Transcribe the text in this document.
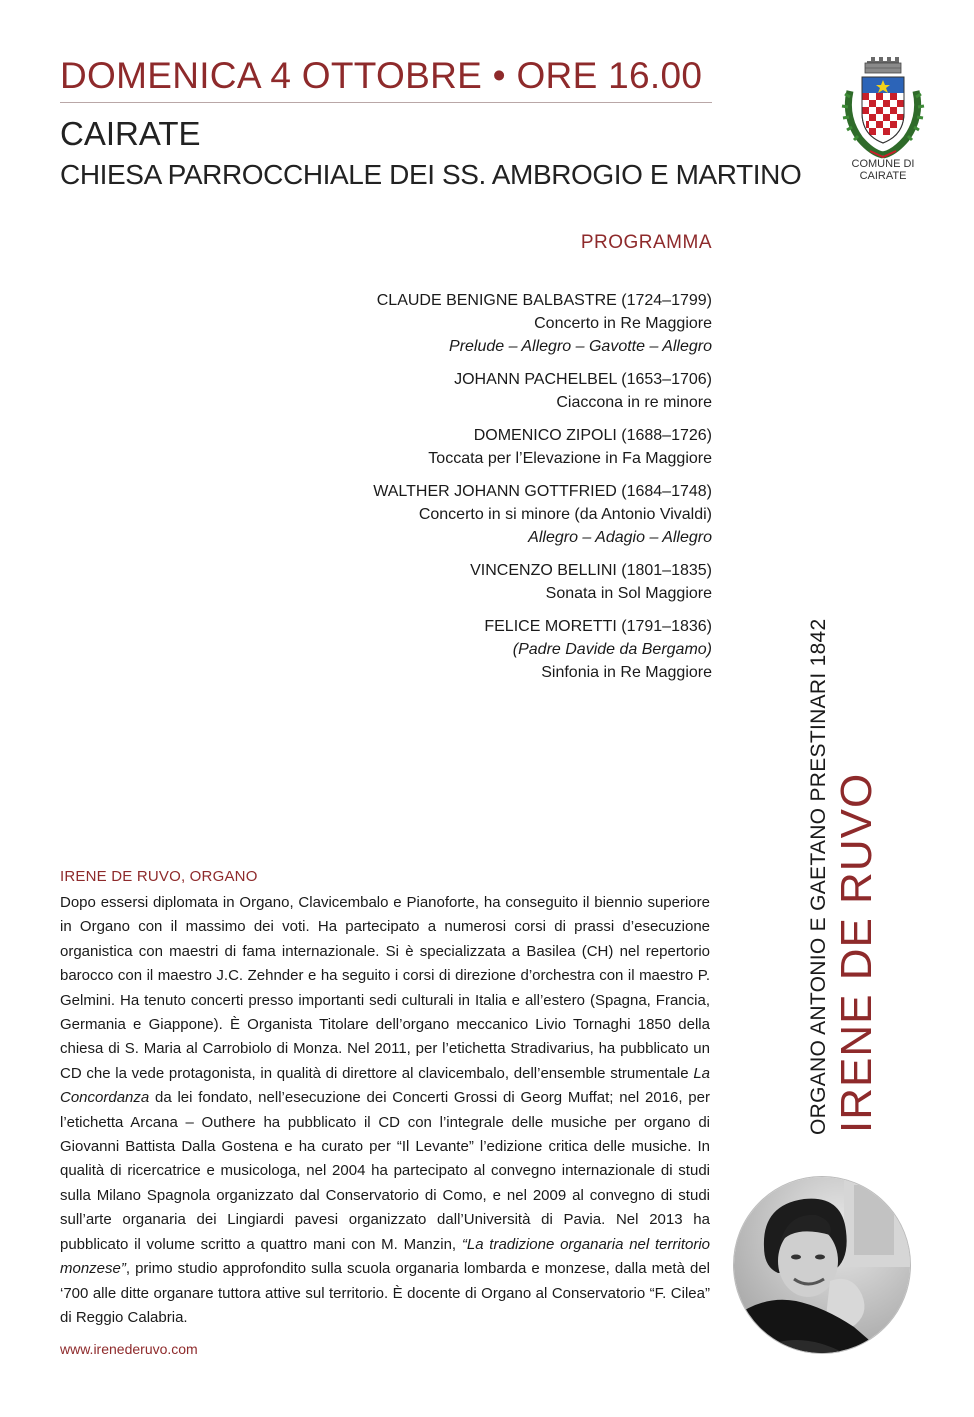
DOMENICA 4 OTTOBRE • ORE 16.00
CAIRATE
CHIESA PARROCCHIALE DEI SS. AMBROGIO E MARTINO	COMUNE DI
CAIRATE
PROGRAMMA
CLAUDE BENIGNE BALBASTRE (1724–1799)
Concerto in Re Maggiore
Prelude – Allegro – Gavotte – Allegro
JOHANN PACHELBEL (1653–1706)
Ciaccona in re minore
DOMENICO ZIPOLI (1688–1726)
Toccata per l’Elevazione in Fa Maggiore
WALTHER JOHANN GOTTFRIED (1684–1748)
Concerto in si minore (da Antonio Vivaldi)
Allegro – Adagio – Allegro
VINCENZO BELLINI (1801–1835)
Sonata in Sol Maggiore
FELICE MORETTI (1791–1836)
(Padre Davide da Bergamo)
Sinfonia in Re Maggiore	ORGANO ANTONIO E GAETANO PRESTINARI 1842 IRENE DE RUVO
IRENE DE RUVO, ORGANO
Dopo essersi diplomata in Organo, Clavicembalo e Pianoforte, ha conseguito il biennio superiore in Organo con il massimo dei voti. Ha partecipato a numerosi corsi di prassi d’esecuzione organistica con maestri di fama internazionale. Si è specializzata a Basilea (CH) nel repertorio barocco con il maestro J.C. Zehnder e ha seguito i corsi di direzione d’orchestra con il maestro P. Gelmini. Ha tenuto concerti presso importanti sedi culturali in Italia e all’estero (Spagna, Francia, Germania e Giappone). È Organista Titolare dell’organo meccanico Livio Tornaghi 1850 della chiesa di S. Maria al Carrobiolo di Monza. Nel 2011, per l’etichetta Stradivarius, ha pubblicato un CD che la vede protagonista, in qualità di direttore al clavicembalo, dell’ensemble strumentale La Concordanza da lei fondato, nell’esecuzione dei Concerti Grossi di Georg Muffat; nel 2016, per l’etichetta Arcana – Outhere ha pubblicato il CD con l’integrale delle musiche per organo di Giovanni Battista Dalla Gostena e ha curato per “Il Levante” l’edizione critica delle musiche. In qualità di ricercatrice e musicologa, nel 2004 ha partecipato al convegno internazionale di studi sulla Milano Spagnola organizzato dal Conservatorio di Como, e nel 2009 al convegno di studi sull’arte organaria dei Lingiardi pavesi organizzato dall’Università di Pavia. Nel 2013 ha pubblicato il volume scritto a quattro mani con M. Manzin, “La tradizione organaria nel territorio monzese”, primo studio approfondito sulla scuola organaria lombarda e monzese, dalla metà del ‘700 alle ditte organare tuttora attive sul territorio. È docente di Organo al Conservatorio “F. Cilea” di Reggio Calabria.
www.irenederuvo.com
